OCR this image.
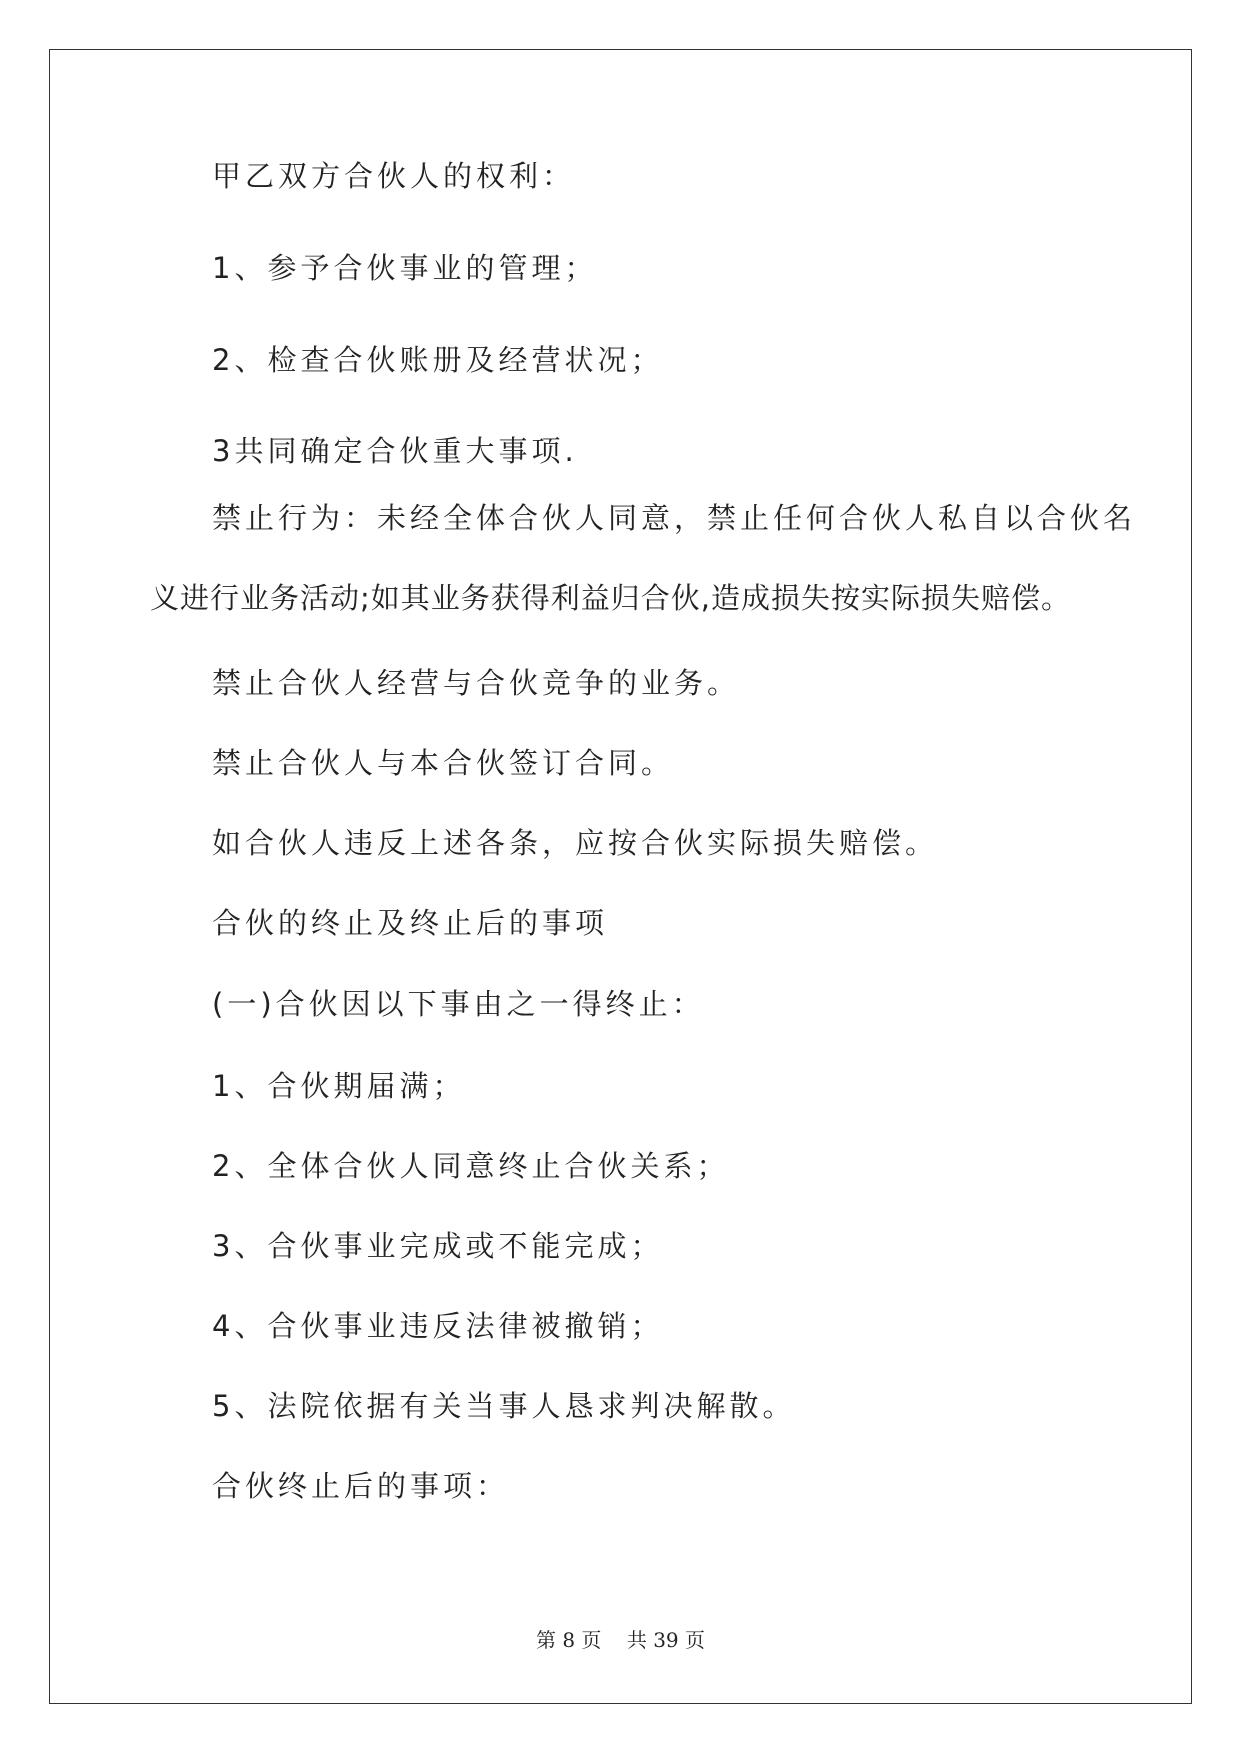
甲乙双方合伙人的权利：
1、参予合伙事业的管理；
2、检查合伙账册及经营状况；
3共同确定合伙重大事项.
禁止行为：未经全体合伙人同意，禁止任何合伙人私自以合伙名
义进行业务活动;如其业务获得利益归合伙,造成损失按实际损失赔偿。
禁止合伙人经营与合伙竞争的业务。
禁止合伙人与本合伙签订合同。
如合伙人违反上述各条，应按合伙实际损失赔偿。
合伙的终止及终止后的事项
(一)合伙因以下事由之一得终止：
1、合伙期届满；
2、全体合伙人同意终止合伙关系；
3、合伙事业完成或不能完成；
4、合伙事业违反法律被撤销；
5、法院依据有关当事人恳求判决解散。
合伙终止后的事项：
第 8 页    共 39 页
